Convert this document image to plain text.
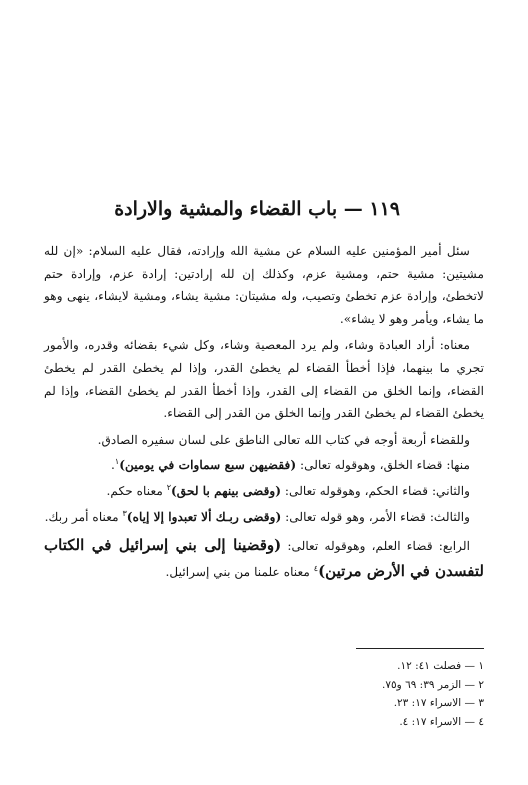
١١٩ — باب القضاء والمشية والارادة

سئل أمير المؤمنين عليه السلام عن مشية الله وإرادته، فقال عليه السلام: «إن لله مشيتين: مشية حتم، ومشية عزم، وكذلك إن لله إرادتين: إرادة عزم، وإرادة حتم لاتخطئ، وإرادة عزم تخطئ وتصيب، وله مشيتان: مشية يشاء، ومشية لايشاء، ينهى وهو ما يشاء، ويأمر وهو لا يشاء».

معناه: أراد العبادة وشاء، ولم يرد المعصية وشاء، وكل شيء بقضائه وقدره، والأمور تجري ما بينهما، فإذا أخطأ القضاء لم يخطئ القدر، وإذا لم يخطئ القدر لم يخطئ القضاء، وإنما الخلق من القضاء إلى القدر، وإذا أخطأ القدر لم يخطئ القضاء، وإذا لم يخطئ القضاء لم يخطئ القدر وإنما الخلق من القدر إلى القضاء.

وللقضاء أربعة أوجه في كتاب الله تعالى الناطق على لسان سفيره الصادق.

منها: قضاء الخلق، وهوقوله تعالى: (فقضيهن سبع سماوات في يومين)$^١$.

والثاني: قضاء الحكم، وهوقوله تعالى: (وقضى بينهم با لحق)$^٢$ معناه حكم.

والثالث: قضاء الأمر، وهو قوله تعالى: (وقضى ربـك ألا تعبدوا إلا إياه)$^٣$ معناه أمر ربك.

الرابع: قضاء العلم، وهوقوله تعالى: (وقضينا إلى بني إسرائيل في الكتاب لتفسدن في الأرض مرتين)$^٤$ معناه علمنا من بني إسرائيل.

١ — فصلت ٤١: ١٢.
٢ — الزمر ٣٩: ٦٩ و٧٥.
٣ — الاسراء ١٧: ٢٣.
٤ — الاسراء ١٧: ٤.
